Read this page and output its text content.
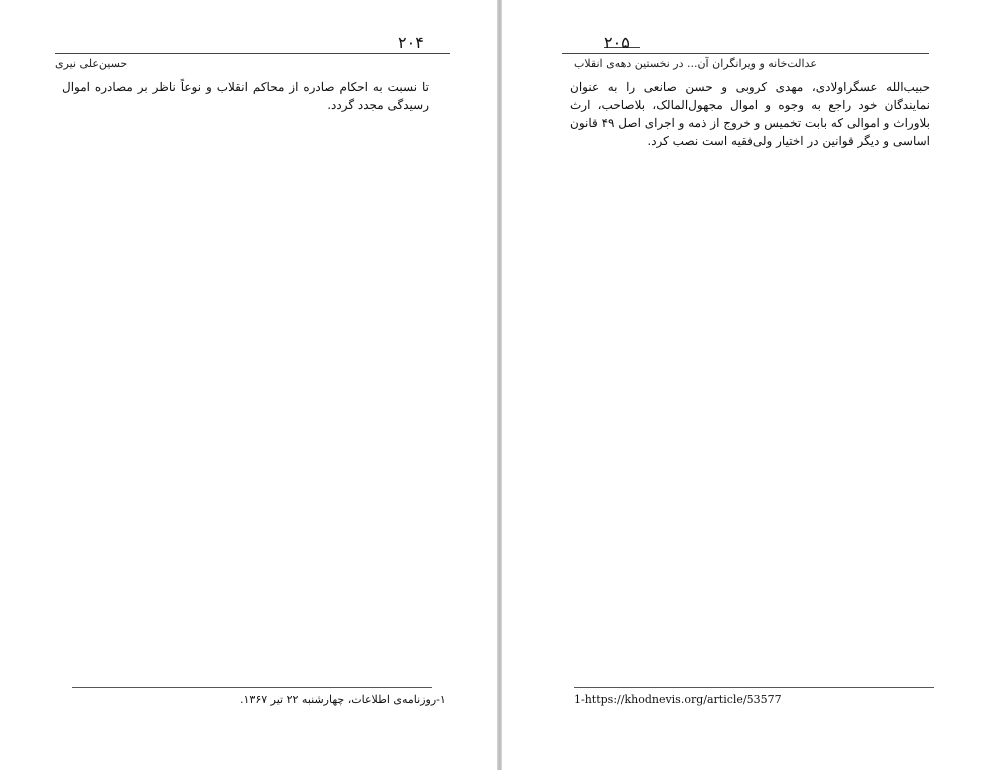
۲۰۴
حسین‌علی نیری

تا نسبت به احکام صادره از محاکم انقلاب و نوعاً ناظر بر مصادره اموال رسیدگی مجدد گردد.

۱-روزنامه‌ی اطلاعات، چهارشنبه ۲۲ تیر ۱۳۶۷.
۲۰۵
عدالت‌خانه و ویرانگران آن... در نخستین دهه‌ی انقلاب

حبیب‌الله عسگراولادی، مهدی کروبی و حسن صانعی را به عنوان نمایندگان خود راجع به وجوه و اموال مجهول‌المالک، بلاصاحب، ارث بلاوراث و اموالی که بابت تخمیس و خروج از ذمه و اجرای اصل ۴۹ قانون اساسی و دیگر قوانین در اختیار ولی‌فقیه است نصب کرد.

1-https://khodnevis.org/article/53577
